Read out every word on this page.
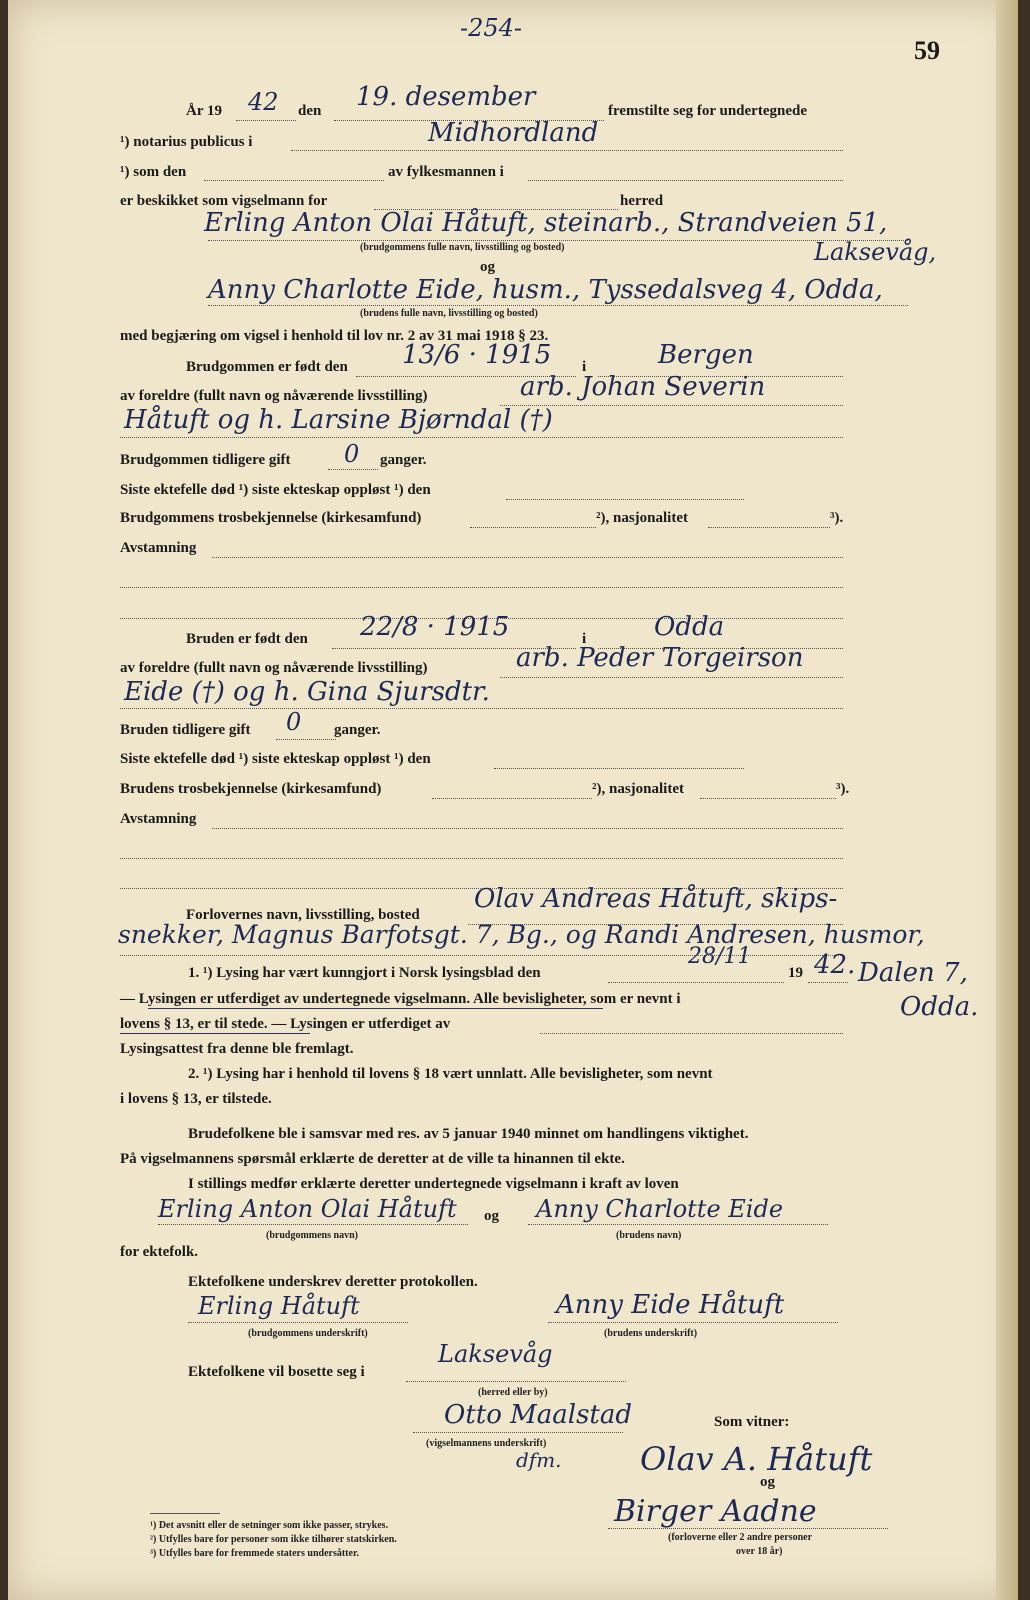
-254-
59
År 19 42 den 19. desember	fremstilte seg for undertegnede
¹) notarius publicus i	Midhordland
¹) som den	av fylkesmannen i
er beskikket som vigselmann for	herred
Erling Anton Olai Håtuft, steinarb., Strandveien 51,
Laksevåg,
(brudgommens fulle navn, livsstilling og bosted)
og
Anny Charlotte Eide, husm., Tyssedalsveg 4, Odda,
(brudens fulle navn, livsstilling og bosted)
med begjæring om vigsel i henhold til lov nr. 2 av 31 mai 1918 § 23.
Brudgommen er født den 13/6 · 1915 i	Bergen
av foreldre (fullt navn og nåværende livsstilling)	arb. Johan Severin
Håtuft og h. Larsine Bjørndal (†)
Brudgommen tidligere gift 0 ganger.
Siste ektefelle død ¹) siste ekteskap oppløst ¹) den
Brudgommens trosbekjennelse (kirkesamfund)	²), nasjonalitet	³).
Avstamning
Bruden er født den 22/8 · 1915	i	Odda
av foreldre (fullt navn og nåværende livsstilling)	arb. Peder Torgeirson
Eide (†) og h. Gina Sjursdtr.
Bruden tidligere gift 0 ganger.
Siste ektefelle død ¹) siste ekteskap oppløst ¹) den
Brudens trosbekjennelse (kirkesamfund)	²), nasjonalitet	³).
Avstamning
Forlovernes navn, livsstilling, bosted
Olav Andreas Håtuft, skips-
snekker, Magnus Barfotsgt. 7, Bg., og Randi Andresen, husmor,
Dalen 7,
Odda.
1. ¹) Lysing har vært kunngjort i Norsk lysingsblad den
28/11
19 42.
— Lysingen er utferdiget av undertegnede vigselmann. Alle bevisligheter, som er nevnt i
lovens § 13, er til stede. — Lysingen er utferdiget av
Lysingsattest fra denne ble fremlagt.
2. ¹) Lysing har i henhold til lovens § 18 vært unnlatt. Alle bevisligheter, som nevnt
i lovens § 13, er tilstede.
Brudefolkene ble i samsvar med res. av 5 januar 1940 minnet om handlingens viktighet.
På vigselmannens spørsmål erklærte de deretter at de ville ta hinannen til ekte.
I stillings medfør erklærte deretter undertegnede vigselmann i kraft av loven
Erling Anton Olai Håtuft og Anny Charlotte Eide
(brudgommens navn)	(brudens navn)
for ektefolk.
Ektefolkene underskrev deretter protokollen.
Erling Håtuft
(brudgommens underskrift)
Anny Eide Håtuft
(brudens underskrift)
Ektefolkene vil bosette seg i
Laksevåg
(herred eller by)
Otto Maalstad
(vigselmannens underskrift)
dfm.
Som vitner:
Olav A. Håtuft
og
Birger Aadne
(forloverne eller 2 andre personer
over 18 år)
¹) Det avsnitt eller de setninger som ikke passer, strykes.
²) Utfylles bare for personer som ikke tilhører statskirken.
³) Utfylles bare for fremmede staters undersåtter.
